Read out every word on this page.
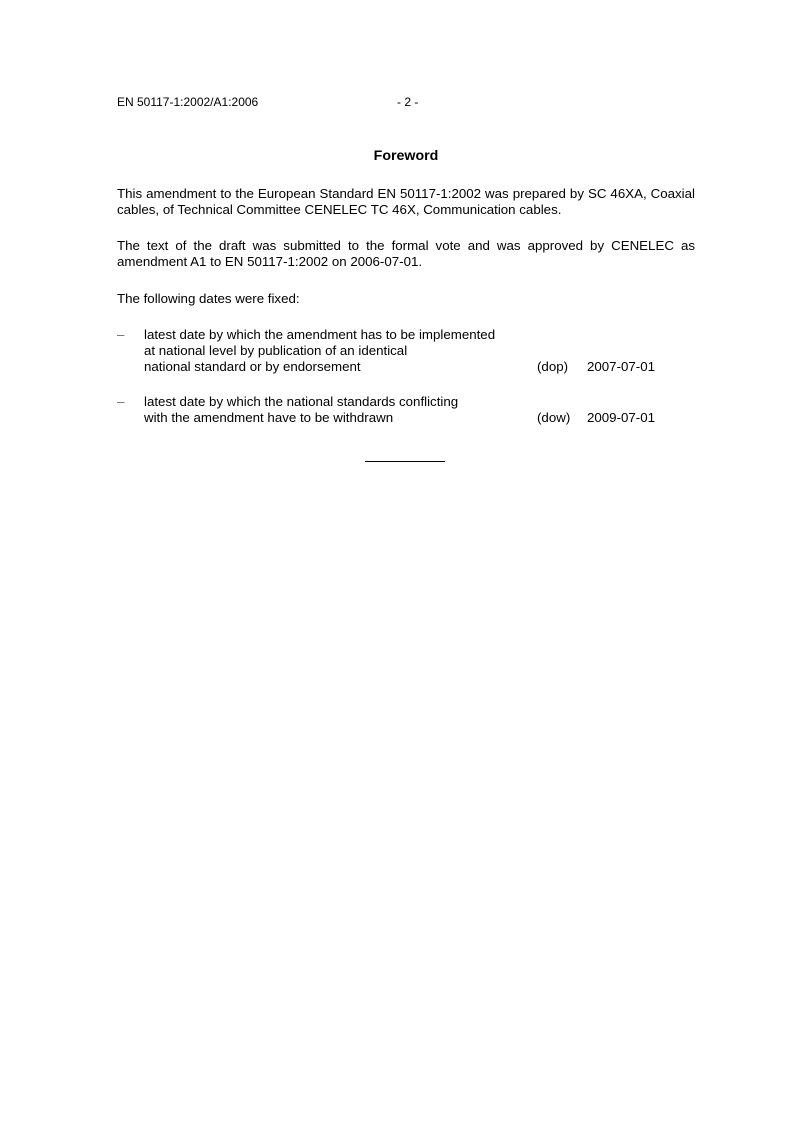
EN 50117-1:2002/A1:2006	- 2 -
Foreword
This amendment to the European Standard EN 50117-1:2002 was prepared by SC 46XA, Coaxial cables, of Technical Committee CENELEC TC 46X, Communication cables.
The text of the draft was submitted to the formal vote and was approved by CENELEC as amendment A1 to EN 50117-1:2002 on 2006-07-01.
The following dates were fixed:
– latest date by which the amendment has to be implemented
at national level by publication of an identical
national standard or by endorsement	(dop) 2007-07-01
– latest date by which the national standards conflicting
with the amendment have to be withdrawn	(dow) 2009-07-01
